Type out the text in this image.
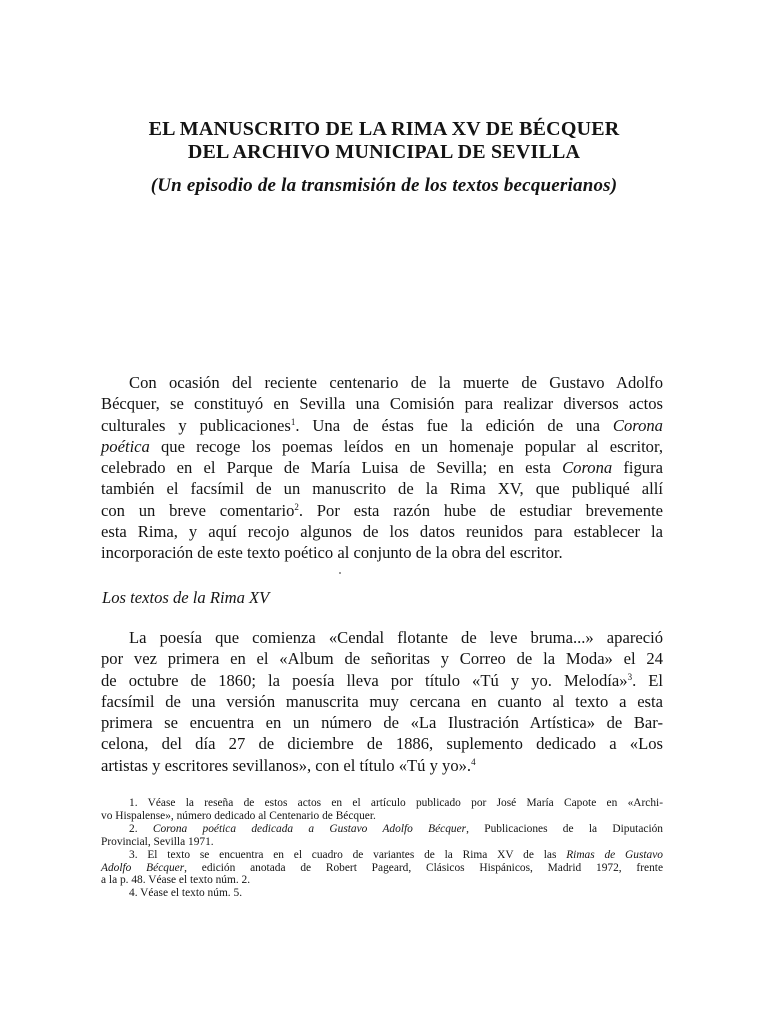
EL MANUSCRITO DE LA RIMA XV DE BÉCQUER
DEL ARCHIVO MUNICIPAL DE SEVILLA
(Un episodio de la transmisión de los textos becquerianos)
Con ocasión del reciente centenario de la muerte de Gustavo Adolfo
Bécquer, se constituyó en Sevilla una Comisión para realizar diversos actos
culturales y publicaciones$^1$. Una de éstas fue la edición de una Corona
poética que recoge los poemas leídos en un homenaje popular al escritor,
celebrado en el Parque de María Luisa de Sevilla; en esta Corona figura
también el facsímil de un manuscrito de la Rima XV, que publiqué allí
con un breve comentario$^2$. Por esta razón hube de estudiar brevemente
esta Rima, y aquí recojo algunos de los datos reunidos para establecer la
incorporación de este texto poético al conjunto de la obra del escritor.
Los textos de la Rima XV
La poesía que comienza «Cendal flotante de leve bruma...» apareció
por vez primera en el «Album de señoritas y Correo de la Moda» el 24
de octubre de 1860; la poesía lleva por título «Tú y yo. Melodía»$^3$. El
facsímil de una versión manuscrita muy cercana en cuanto al texto a esta
primera se encuentra en un número de «La Ilustración Artística» de Bar-
celona, del día 27 de diciembre de 1886, suplemento dedicado a «Los
artistas y escritores sevillanos», con el título «Tú y yo».$^4$
1. Véase la reseña de estos actos en el artículo publicado por José María Capote en «Archi-
vo Hispalense», número dedicado al Centenario de Bécquer.
2. Corona poética dedicada a Gustavo Adolfo Bécquer, Publicaciones de la Diputación
Provincial, Sevilla 1971.
3. El texto se encuentra en el cuadro de variantes de la Rima XV de las Rimas de Gustavo
Adolfo Bécquer, edición anotada de Robert Pageard, Clásicos Hispánicos, Madrid 1972, frente
a la p. 48. Véase el texto núm. 2.
4. Véase el texto núm. 5.
